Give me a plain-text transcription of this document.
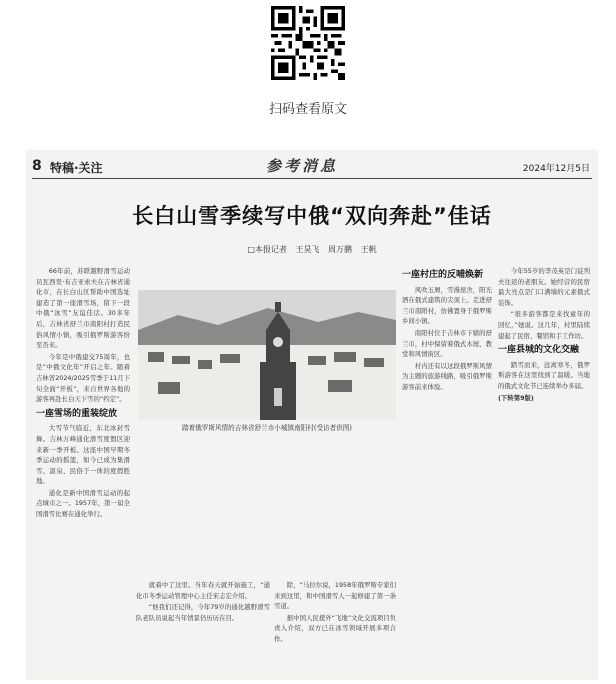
扫码查看原文
8 特稿·关注	参考消息	2024年12月5日
长白山雪季续写中俄“双向奔赴”佳话
□本报记者 王昊飞 周万鹏 王帆

66年前，苏联越野滑雪运动员瓦西里·布吉亚索夫在吉林省通化市，在长白山区帮助中国选址建造了第一座滑雪场，留下一段中俄“冰雪”友谊佳话。30多年后，吉林省舒兰市南阳村打造民俗风情小镇，吸引俄罗斯游客纷至沓来。

今年是中俄建交75周年，也是“中俄文化年”开启之年。随着吉林省2024/2025雪季于11月下旬全面“开板”，来自世界各地的游客再赴长白天下雪的“约定”。

一座雪场的重装绽放

大雪节气临近，东北冰封雪舞。吉林万峰通化滑雪度假区迎来新一季开板。这座中国早期冬季运动的摇篮，如今已成为集滑雪、温泉、民俗于一体的度假胜地。

通化是新中国滑雪运动的起点城市之一。1957年，第一届全国滑雪比赛在通化举行。

踏着俄罗斯风情的吉林省舒兰市小城镇南阳村(受访者供图)

就着中了这里。当年春天就开始施工，“通化市冬季运动管理中心主任宋志宏介绍。

“他我们还记得，今年79岁的通化越野滑雪队老队员说起当年情景仍历历在目。

除，“马拉尔说，1958年俄罗斯专家们来到这里，和中国滑雪人一起修建了第一条雪道。

据中国人民援外“飞地”文化交流项目负责人介绍，双方已在冰雪领域开展多项合作。

一座村庄的反哺焕新

风吹玉屑，雪漫屋舍，阳光洒在俄式建筑的尖顶上。走进舒兰市南阳村，仿佛置身于俄罗斯乡间小镇。

南阳村位于吉林市下辖的舒兰市，村中保留着俄式木屋、教堂和风情街区。

村内还有以这段俄罗斯风情为主题的旅游线路，吸引俄罗斯游客前来体验。

今年55岁的李茂英是门徒列夫往返的老朋友。她经营的民宿最大亮点是门口满墙的元素俄式装饰。

“很多游客都是来找童年的回忆，”她说。这几年，村里陆续建起了民宿、餐馆和手工作坊。

一座县城的文化交融

踏雪而来，远离寒冬，俄罗斯游客在这里找到了温暖。当地的俄式文化节已连续举办多届。

(下转第9版)
